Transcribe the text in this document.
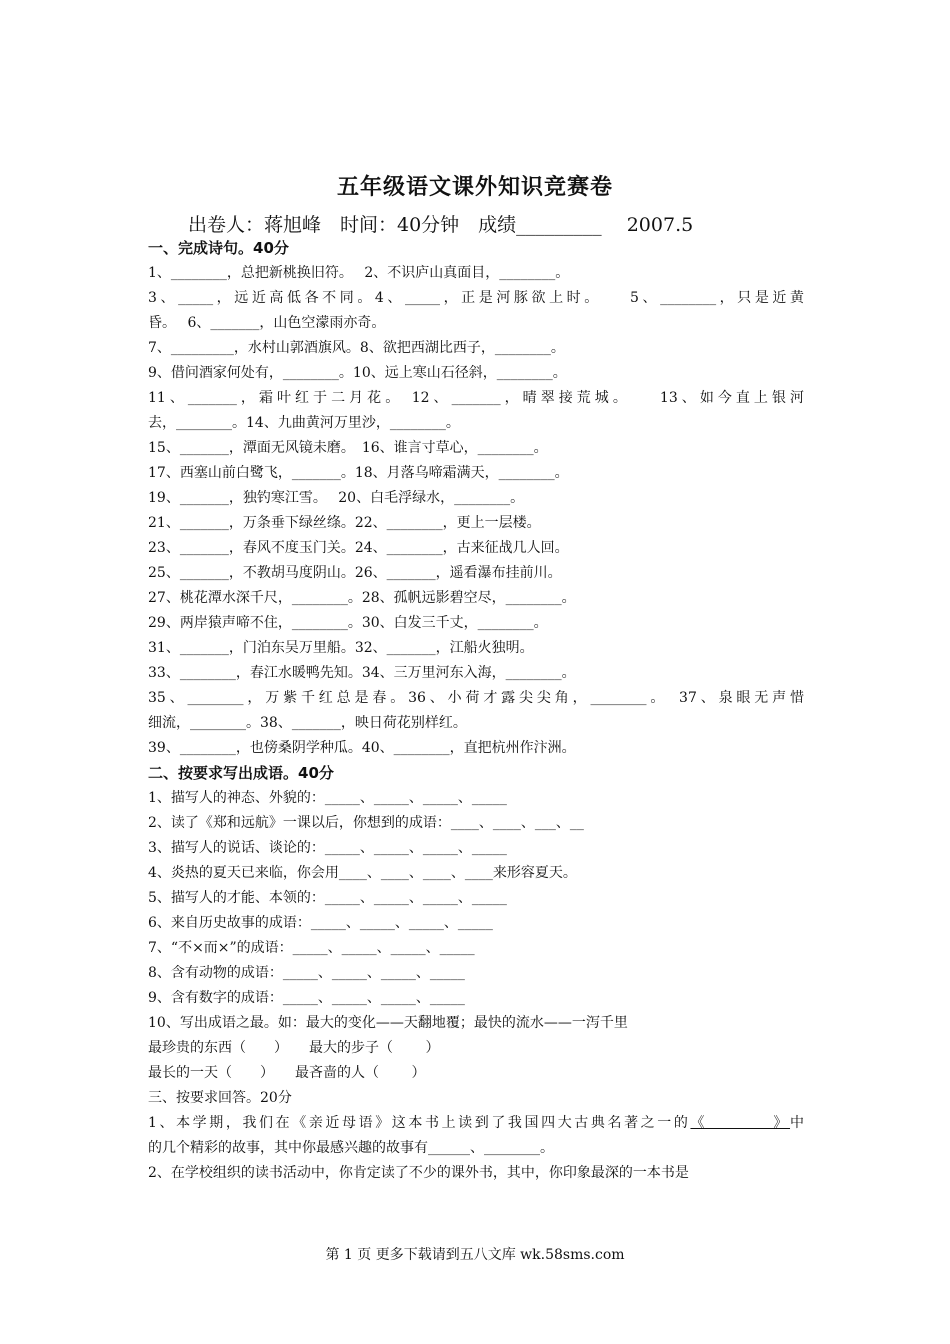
五年级语文课外知识竞赛卷
出卷人：蒋旭峰　时间：40分钟　成绩_________　 2007.5
一、完成诗句。40分
1、________，总把新桃换旧符。　 2、不识庐山真面目，________。
3、_____，远近高低各不同。4、_____，正是河豚欲上时。　　5、________，只是近黄
昏。　 6、_______，山色空濛雨亦奇。
7、_________，水村山郭酒旗风。8、欲把西湖比西子，________。
9、借问酒家何处有，________。10、远上寒山石径斜，________。
11、_______，霜叶红于二月花。 12、_______，晴翠接荒城。　　13、如今直上银河
去，________。14、九曲黄河万里沙，________。
15、_______，潭面无风镜未磨。　16、谁言寸草心，________。
17、西塞山前白鹭飞，_______。18、月落乌啼霜满天，________。
19、_______，独钓寒江雪。　 20、白毛浮绿水，________。
21、_______，万条垂下绿丝绦。22、________，更上一层楼。
23、_______，春风不度玉门关。24、________，古来征战几人回。
25、_______，不教胡马度阴山。26、_______，遥看瀑布挂前川。
27、桃花潭水深千尺，________。28、孤帆远影碧空尽，________。
29、两岸猿声啼不住，________。30、白发三千丈，________。
31、_______，门泊东吴万里船。32、_______，江船火独明。
33、________，春江水暖鸭先知。34、三万里河东入海，________。
35、________，万紫千红总是春。36、小荷才露尖尖角，________。　37、泉眼无声惜
细流，________。38、_______，映日荷花别样红。
39、________，也傍桑阴学种瓜。40、________，直把杭州作汴洲。
二、按要求写出成语。40分
1、描写人的神态、外貌的：_____、_____、_____、_____
2、读了《郑和远航》一课以后，你想到的成语：____、____、___、__
3、描写人的说话、谈论的：_____、_____、_____、_____
4、炎热的夏天已来临，你会用____、____、____、____来形容夏天。
5、描写人的才能、本领的：_____、_____、_____、_____
6、来自历史故事的成语：_____、_____、_____、_____
7、“不×而×”的成语：_____、_____、_____、_____
8、含有动物的成语：_____、_____、_____、_____
9、含有数字的成语：_____、_____、_____、_____
10、写出成语之最。如：最大的变化——天翻地覆；最快的流水——一泻千里
最珍贵的东西（　　）　　最大的步子（　　 ）
最长的一天（　　）　　最吝啬的人（　　 ）
三、按要求回答。20分
1、本学期，我们在《亲近母语》这本书上读到了我国四大古典名著之一的《　　　　》中
的几个精彩的故事，其中你最感兴趣的故事有______、________。
2、在学校组织的读书活动中，你肯定读了不少的课外书，其中，你印象最深的一本书是
第 1 页 更多下载请到五八文库 wk.58sms.com
